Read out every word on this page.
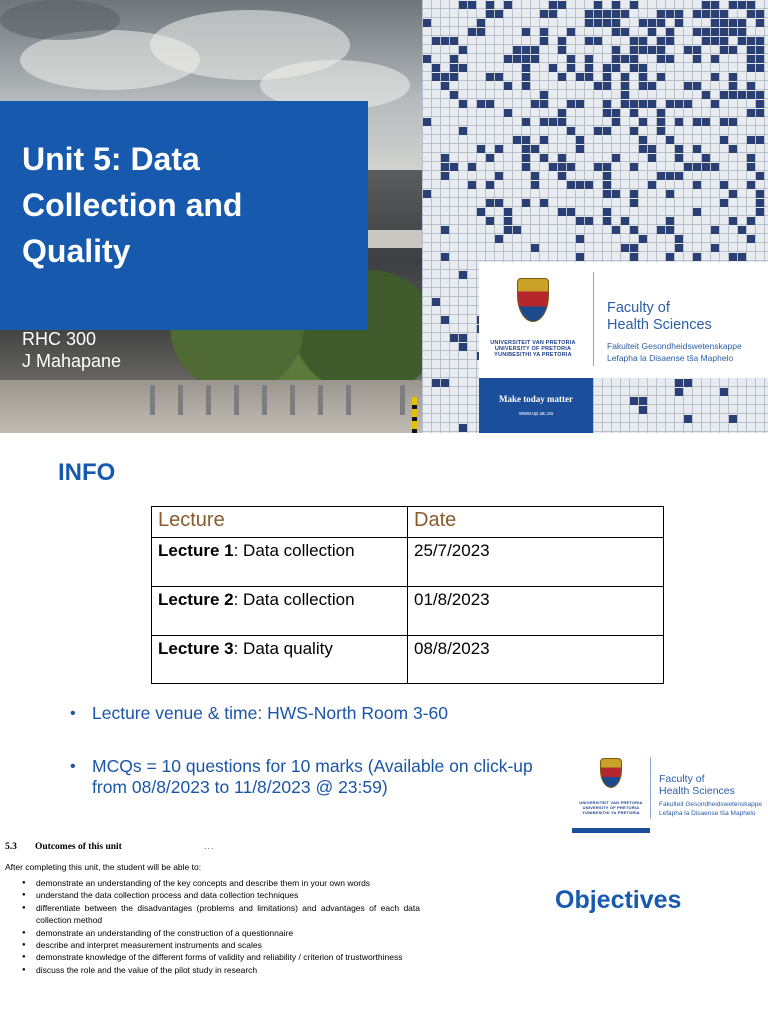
Unit 5: Data Collection and Quality
RHC 300
J Mahapane
UNIVERSITEIT VAN PRETORIA
UNIVERSITY OF PRETORIA
YUNIBESITHI YA PRETORIA
Faculty of
Health Sciences
Fakulteit Gesondheidswetenskappe
Lefapha la Disaense tša Maphelo
Make today matter
www.up.ac.za
INFO
Lecture	Date
Lecture 1: Data collection	25/7/2023
Lecture 2: Data collection	01/8/2023
Lecture 3: Data quality	08/8/2023
• Lecture venue & time: HWS-North Room 3-60
• MCQs = 10 questions for 10 marks (Available on click-up from 08/8/2023 to 11/8/2023 @ 23:59)
UNIVERSITEIT VAN PRETORIA
UNIVERSITY OF PRETORIA
YUNIBESITHI YA PRETORIA
Faculty of
Health Sciences
Fakulteit Gesondheidswetenskappe
Lefapha la Disaense tša Maphelo
5.3 Outcomes of this unit	...
After completing this unit, the student will be able to:
● demonstrate an understanding of the key concepts and describe them in your own words
● understand the data collection process and data collection techniques
● differentiate between the disadvantages (problems and limitations) and advantages of each data collection method
● demonstrate an understanding of the construction of a questionnaire
● describe and interpret measurement instruments and scales
● demonstrate knowledge of the different forms of validity and reliability / criterion of trustworthiness
● discuss the role and the value of the pilot study in research
Objectives
